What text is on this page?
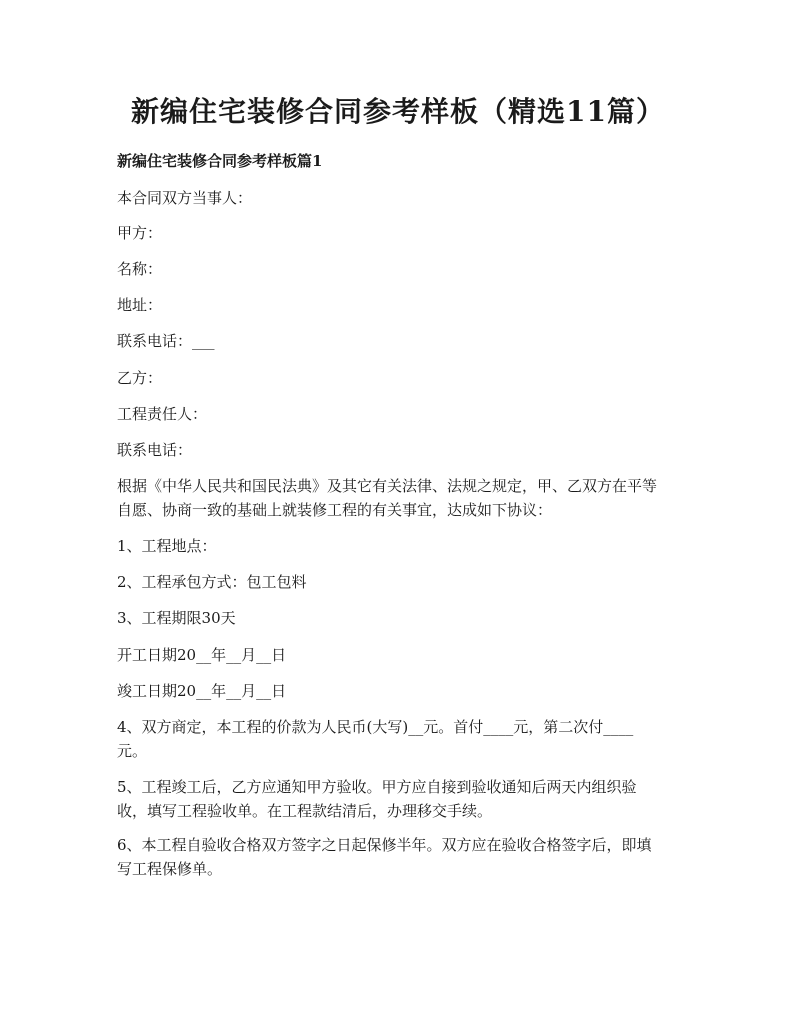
新编住宅装修合同参考样板（精选11篇）
新编住宅装修合同参考样板篇1

本合同双方当事人：

甲方：

名称：

地址：

联系电话：___

乙方：

工程责任人：

联系电话：

根据《中华人民共和国民法典》及其它有关法律、法规之规定，甲、乙双方在平等
自愿、协商一致的基础上就装修工程的有关事宜，达成如下协议：

1、工程地点：

2、工程承包方式：包工包料

3、工程期限30天

开工日期20__年__月__日

竣工日期20__年__月__日

4、双方商定，本工程的价款为人民币(大写)__元。首付____元，第二次付____
元。

5、工程竣工后，乙方应通知甲方验收。甲方应自接到验收通知后两天内组织验
收，填写工程验收单。在工程款结清后，办理移交手续。

6、本工程自验收合格双方签字之日起保修半年。双方应在验收合格签字后，即填
写工程保修单。
